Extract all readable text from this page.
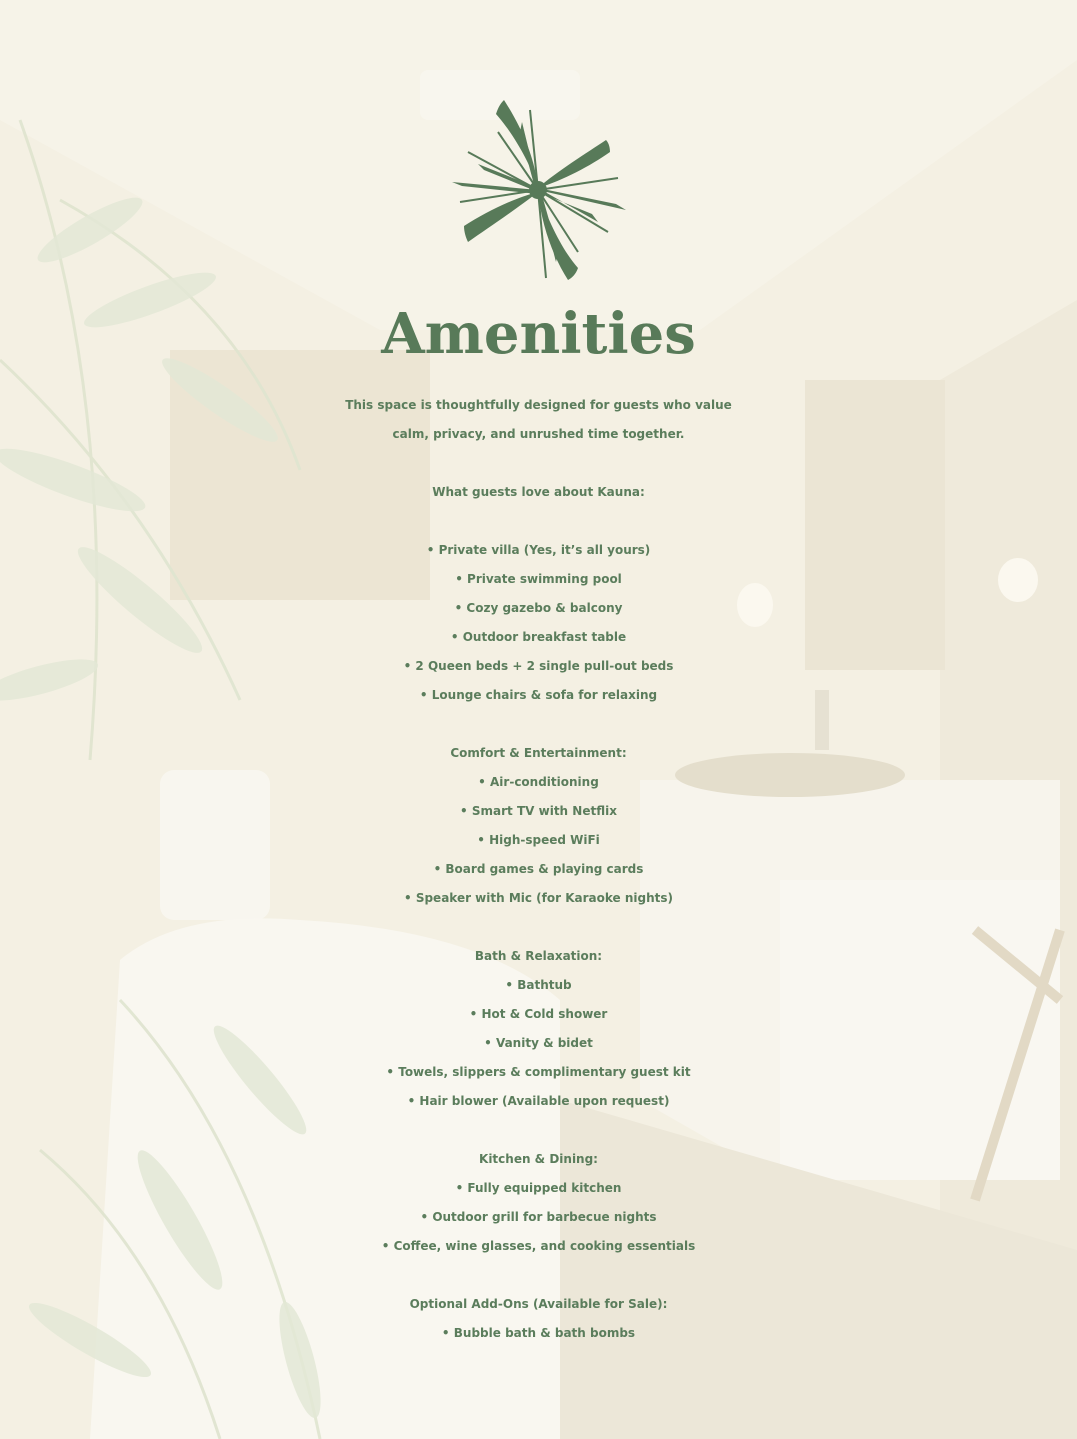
Amenities
This space is thoughtfully designed for guests who value
calm, privacy, and unrushed time together.
What guests love about Kauna:
• Private villa (Yes, it’s all yours)
• Private swimming pool
• Cozy gazebo & balcony
• Outdoor breakfast table
• 2 Queen beds + 2 single pull-out beds
• Lounge chairs & sofa for relaxing
Comfort & Entertainment:
• Air-conditioning
• Smart TV with Netflix
• High-speed WiFi
• Board games & playing cards
• Speaker with Mic (for Karaoke nights)
Bath & Relaxation:
• Bathtub
• Hot & Cold shower
• Vanity & bidet
• Towels, slippers & complimentary guest kit
• Hair blower (Available upon request)
Kitchen & Dining:
• Fully equipped kitchen
• Outdoor grill for barbecue nights
• Coffee, wine glasses, and cooking essentials
Optional Add-Ons (Available for Sale):
• Bubble bath & bath bombs
